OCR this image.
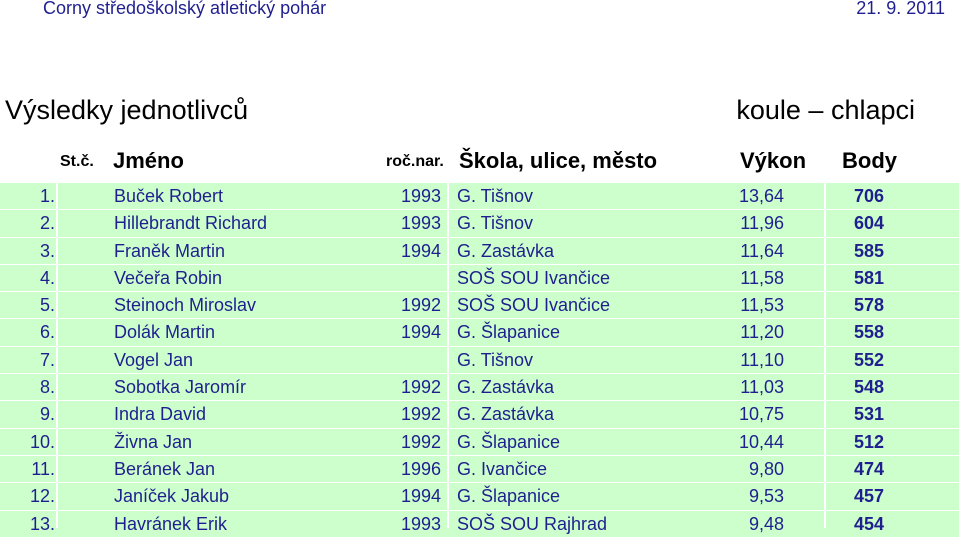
Corny středoškolský atletický pohár	21. 9. 2011
Výsledky jednotlivců	koule – chlapci
St.č. Jméno	roč.nar. Škola, ulice, město	Výkon Body
1.	Buček Robert	1993 G. Tišnov	13,64	706
2.	Hillebrandt Richard	1993 G. Tišnov	11,96	604
3.	Franěk Martin	1994 G. Zastávka	11,64	585
4.	Večeřa Robin	SOŠ SOU Ivančice	11,58	581
5.	Steinoch Miroslav	1992 SOŠ SOU Ivančice	11,53	578
6.	Dolák Martin	1994 G. Šlapanice	11,20	558
7.	Vogel Jan	G. Tišnov	11,10	552
8.	Sobotka Jaromír	1992 G. Zastávka	11,03	548
9.	Indra David	1992 G. Zastávka	10,75	531
10.	Živna Jan	1992 G. Šlapanice	10,44	512
11.	Beránek Jan	1996 G. Ivančice	9,80	474
12.	Janíček Jakub	1994 G. Šlapanice	9,53	457
13.	Havránek Erik	1993 SOŠ SOU Rajhrad	9,48	454
